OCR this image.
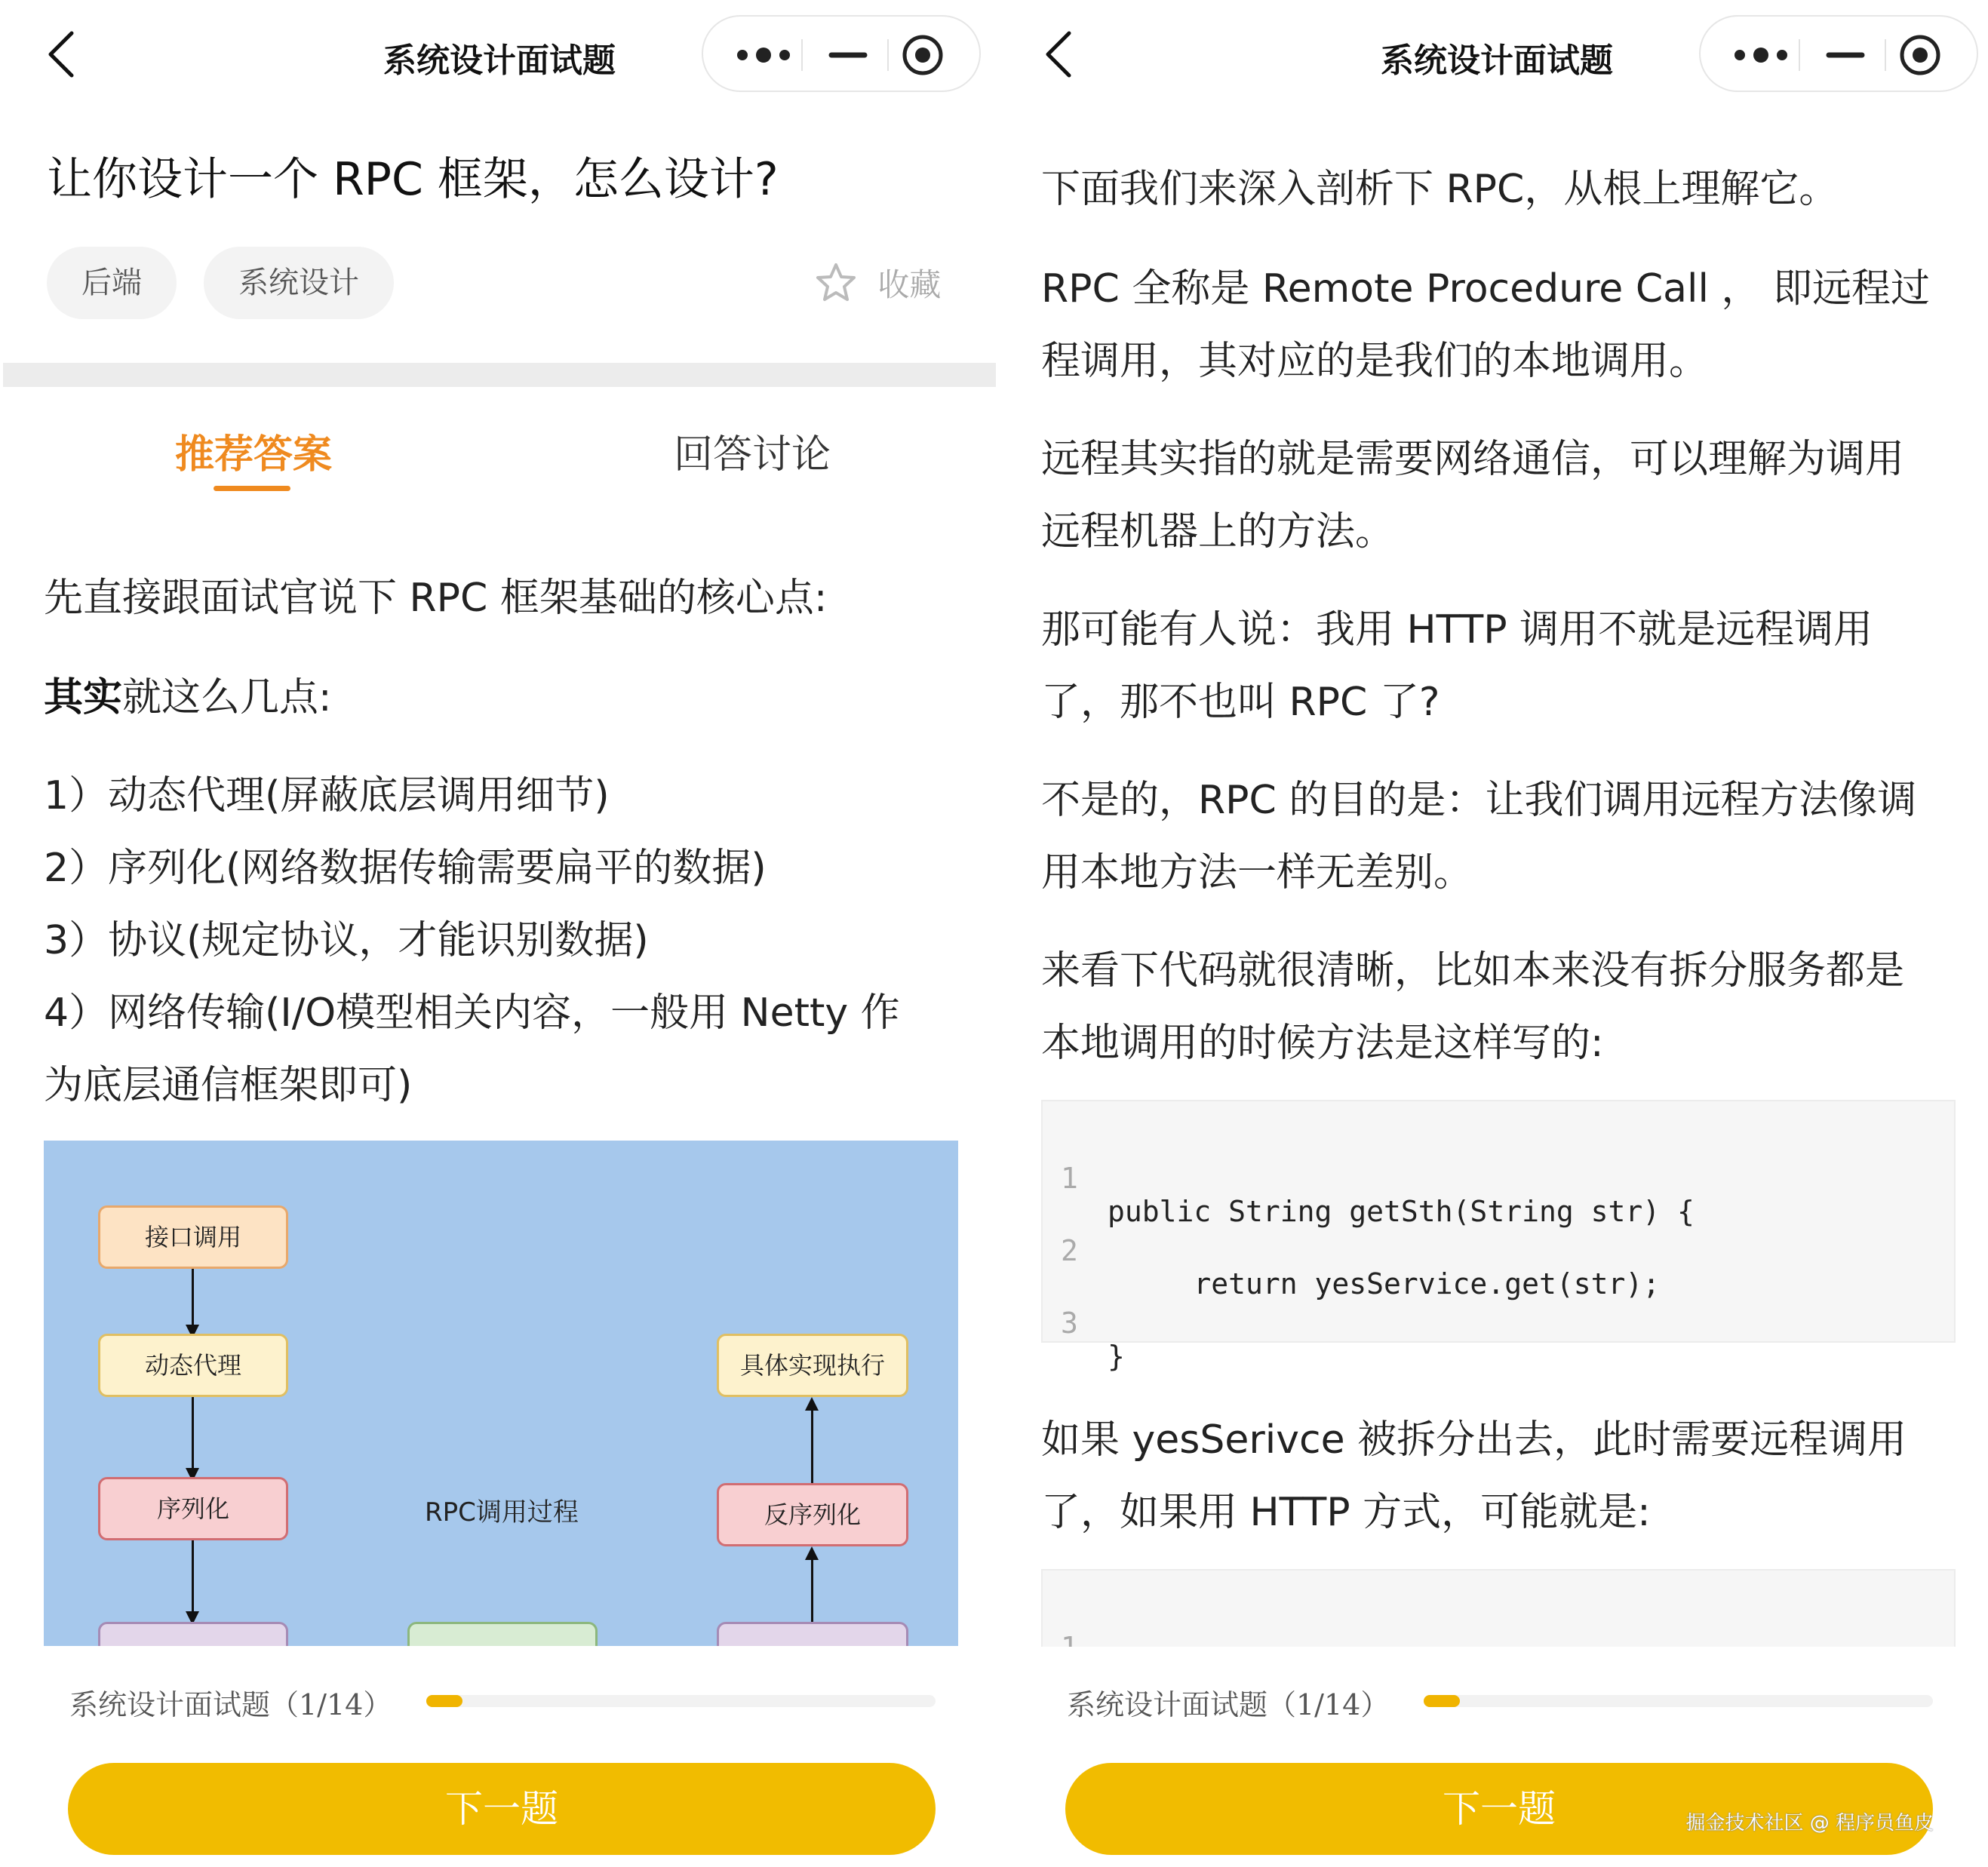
系统设计面试题
让你设计一个 RPC 框架，怎么设计?
后端	系统设计	收藏
推荐答案	回答讨论
先直接跟面试官说下 RPC 框架基础的核心点:
其实就这么几点:
1）动态代理(屏蔽底层调用细节)
2）序列化(网络数据传输需要扁平的数据)
3）协议(规定协议，才能识别数据)
4）网络传输(I/O模型相关内容，一般用 Netty 作
为底层通信框架即可)
接口调用
动态代理
序列化	RPC调用过程
具体实现执行
反序列化
系统设计面试题（1/14）
下一题
系统设计面试题
下面我们来深入剖析下 RPC，从根上理解它。
RPC 全称是 Remote Procedure Call ， 即远程过
程调用，其对应的是我们的本地调用。
远程其实指的就是需要网络通信，可以理解为调用
远程机器上的方法。
那可能有人说：我用 HTTP 调用不就是远程调用
了，那不也叫 RPC 了?
不是的，RPC 的目的是：让我们调用远程方法像调
用本地方法一样无差别。
来看下代码就很清晰，比如本来没有拆分服务都是
本地调用的时候方法是这样写的:

1

public String getSth(String str) {

2

return yesService.get(str);

3

}

如果 yesSerivce 被拆分出去，此时需要远程调用
了，如果用 HTTP 方式，可能就是:

系统设计面试题（1/14）
下一题	掘金技术社区 @ 程序员鱼皮
